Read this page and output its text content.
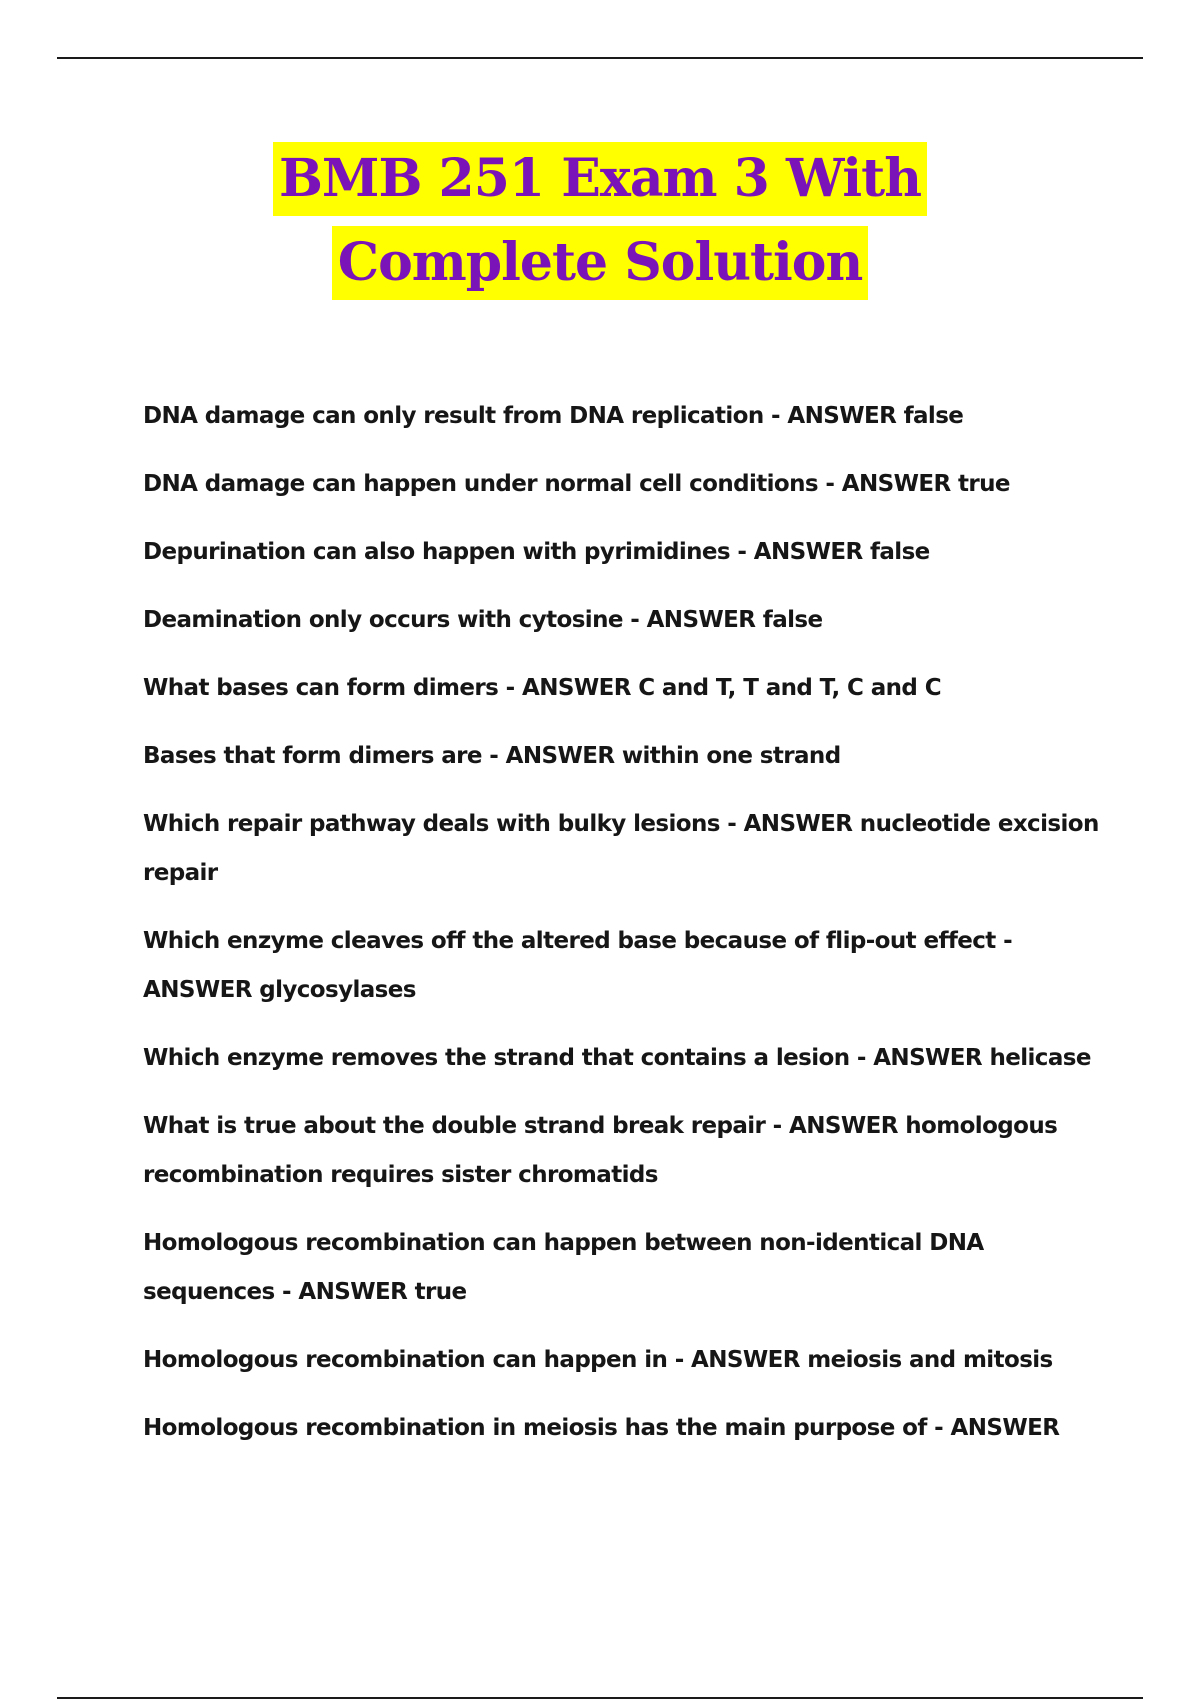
BMB 251 Exam 3 With
Complete Solution
DNA damage can only result from DNA replication - ANSWER false
DNA damage can happen under normal cell conditions - ANSWER true
Depurination can also happen with pyrimidines - ANSWER false
Deamination only occurs with cytosine - ANSWER false
What bases can form dimers - ANSWER C and T, T and T, C and C
Bases that form dimers are - ANSWER within one strand
Which repair pathway deals with bulky lesions - ANSWER nucleotide excision repair
Which enzyme cleaves off the altered base because of flip-out effect - ANSWER glycosylases
Which enzyme removes the strand that contains a lesion - ANSWER helicase
What is true about the double strand break repair - ANSWER homologous recombination requires sister chromatids
Homologous recombination can happen between non-identical DNA sequences - ANSWER true
Homologous recombination can happen in - ANSWER meiosis and mitosis
Homologous recombination in meiosis has the main purpose of - ANSWER
